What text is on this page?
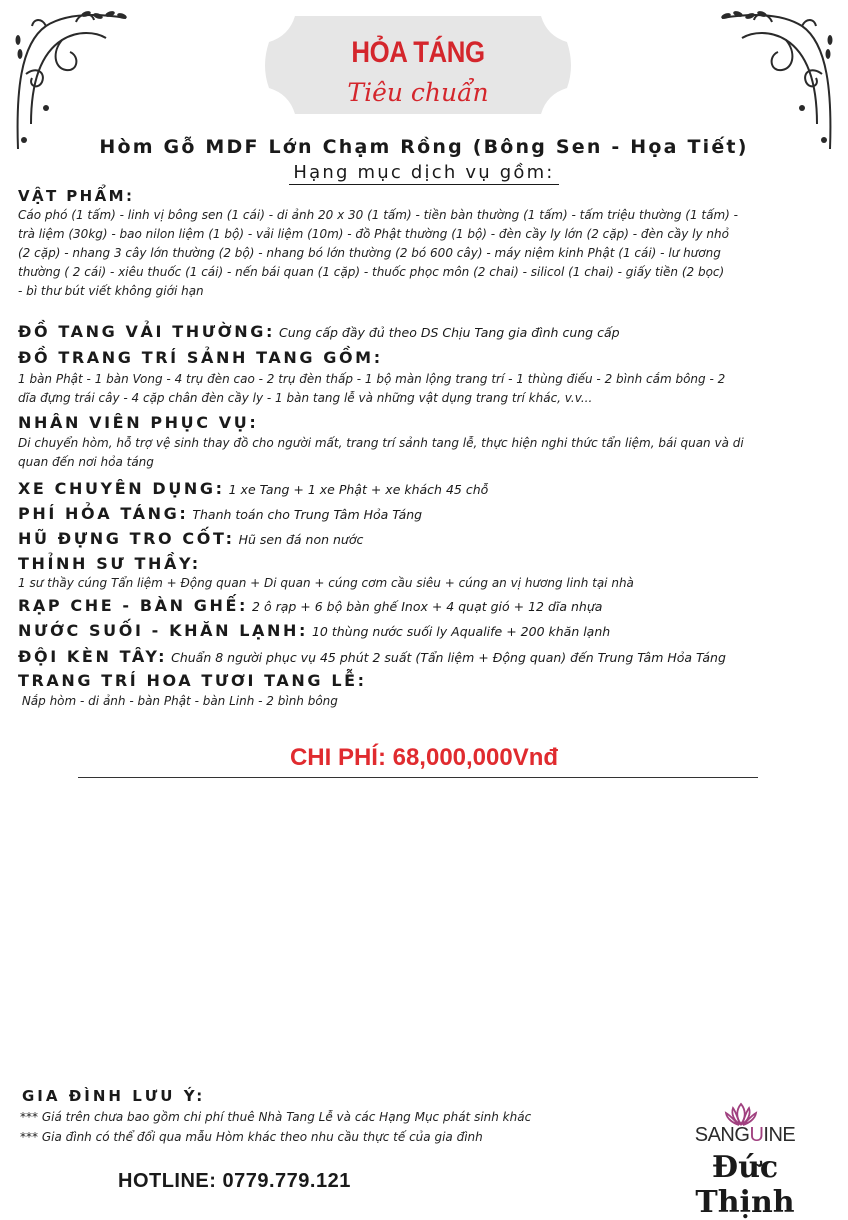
HỎA TÁNG
Tiêu chuẩn
Hòm Gỗ MDF Lớn Chạm Rồng (Bông Sen - Họa Tiết)
Hạng mục dịch vụ gồm:
VẬT PHẨM:
Cáo phó (1 tấm) - linh vị bông sen (1 cái) - di ảnh 20 x 30 (1 tấm) - tiền bàn thường (1 tấm) - tấm triệu thường (1 tấm) -
trà liệm (30kg) - bao nilon liệm (1 bộ) - vải liệm (10m) - đồ Phật thường (1 bộ) - đèn cầy ly lớn (2 cặp) - đèn cầy ly nhỏ
(2 cặp) - nhang 3 cây lớn thường (2 bộ) - nhang bó lớn thường (2 bó 600 cây) - máy niệm kinh Phật (1 cái) - lư hương
thường ( 2 cái) - xiêu thuốc (1 cái) - nến bái quan (1 cặp) - thuốc phọc môn (2 chai) - silicol (1 chai) - giấy tiền (2 bọc)
- bì thư bút viết không giới hạn
ĐỒ TANG VẢI THƯỜNG: Cung cấp đầy đủ theo DS Chịu Tang gia đình cung cấp
ĐỒ TRANG TRÍ SẢNH TANG GỒM:
1 bàn Phật - 1 bàn Vong - 4 trụ đèn cao - 2 trụ đèn thấp - 1 bộ màn lộng trang trí - 1 thùng điếu - 2 bình cắm bông - 2
dĩa đựng trái cây - 4 cặp chân đèn cầy ly - 1 bàn tang lễ và những vật dụng trang trí khác, v.v...
NHÂN VIÊN PHỤC VỤ:
Di chuyển hòm, hỗ trợ vệ sinh thay đồ cho người mất, trang trí sảnh tang lễ, thực hiện nghi thức tẩn liệm, bái quan và di
quan đến nơi hỏa táng
XE CHUYÊN DỤNG: 1 xe Tang + 1 xe Phật + xe khách 45 chỗ
PHÍ HỎA TÁNG: Thanh toán cho Trung Tâm Hỏa Táng
HŨ ĐỰNG TRO CỐT: Hũ sen đá non nước
THỈNH SƯ THẦY:
1 sư thầy cúng Tẩn liệm + Động quan + Di quan + cúng cơm cầu siêu + cúng an vị hương linh tại nhà
RẠP CHE - BÀN GHẾ: 2 ô rạp + 6 bộ bàn ghế Inox + 4 quạt gió + 12 dĩa nhựa
NƯỚC SUỐI - KHĂN LẠNH: 10 thùng nước suối ly Aqualife + 200 khăn lạnh
ĐỘI KÈN TÂY: Chuẩn 8 người phục vụ 45 phút 2 suất (Tẩn liệm + Động quan) đến Trung Tâm Hỏa Táng
TRANG TRÍ HOA TƯƠI TANG LỄ:
Nắp hòm - di ảnh - bàn Phật - bàn Linh - 2 bình bông
CHI PHÍ: 68,000,000Vnđ
GIA ĐÌNH LƯU Ý:
*** Giá trên chưa bao gồm chi phí thuê Nhà Tang Lễ và các Hạng Mục phát sinh khác
*** Gia đình có thể đổi qua mẫu Hòm khác theo nhu cầu thực tế của gia đình
HOTLINE: 0779.779.121
SANGUINE
Đức Thịnh
